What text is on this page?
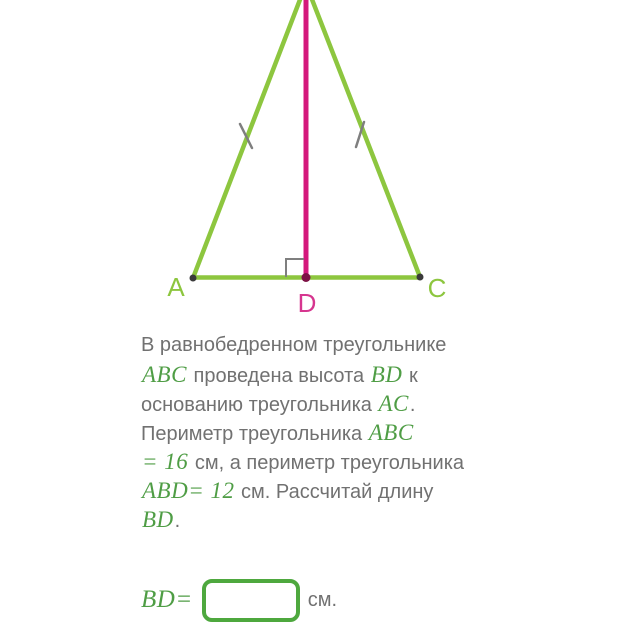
A	C
D
В равнобедренном треугольнике
ABC проведена высота BD к
основанию треугольника AC.
Периметр треугольника ABC
= 16 см, а периметр треугольника
ABD= 12 см. Рассчитай длину
BD.
BD=	см.
